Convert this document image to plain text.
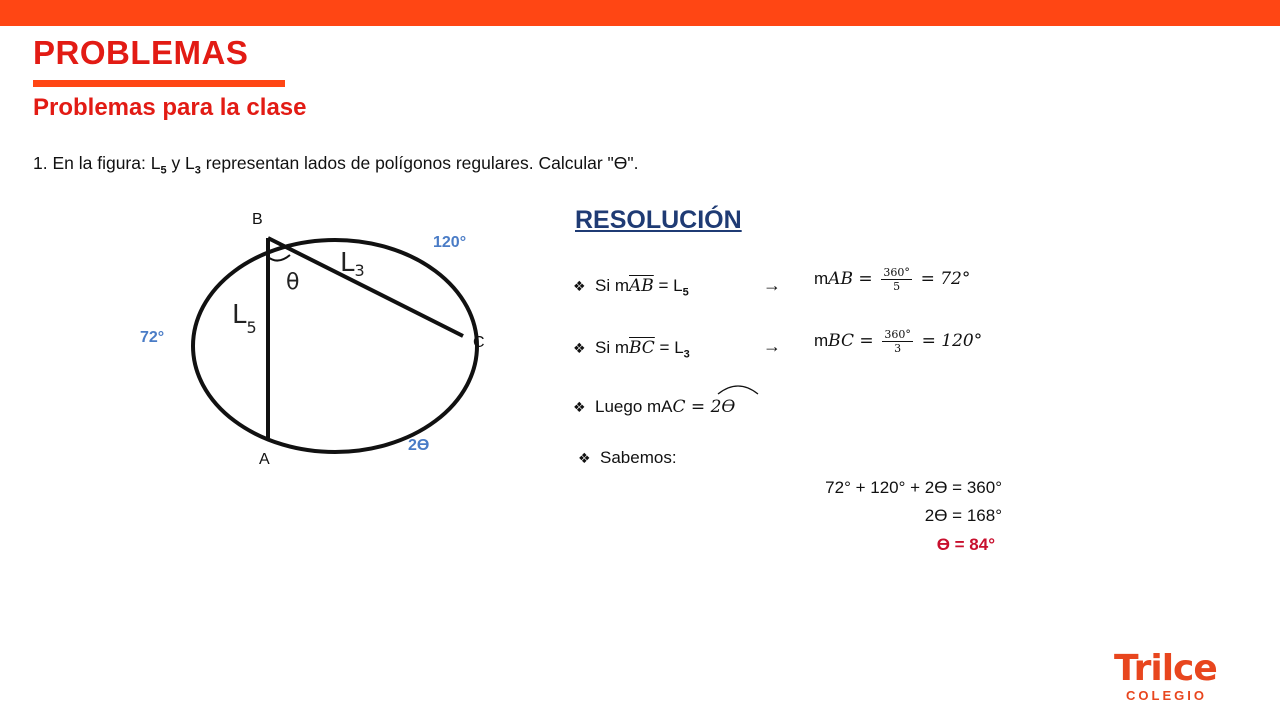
PROBLEMAS
Problemas para la clase
1. En la figura: $L_5$ y $L_3$ representan lados de polígonos regulares. Calcular "ϴ".
θ
L3
$L_5$
B
C
A
120°
72°
2ϴ
RESOLUCIÓN
❖ Si $m\overline{AB} = L_5$	→ mAB = $\frac{360^\circ}{5} = 72^\circ$
❖ Si $m\overline{BC} = L_3$	→ mBC = $\frac{360^\circ}{3} = 120^\circ$
❖ Luego mAC = 2ϴ
❖ Sabemos:
72° + 120° + 2ϴ = 360°
2ϴ = 168°
ϴ = 84°
Trilce
COLEGIO
